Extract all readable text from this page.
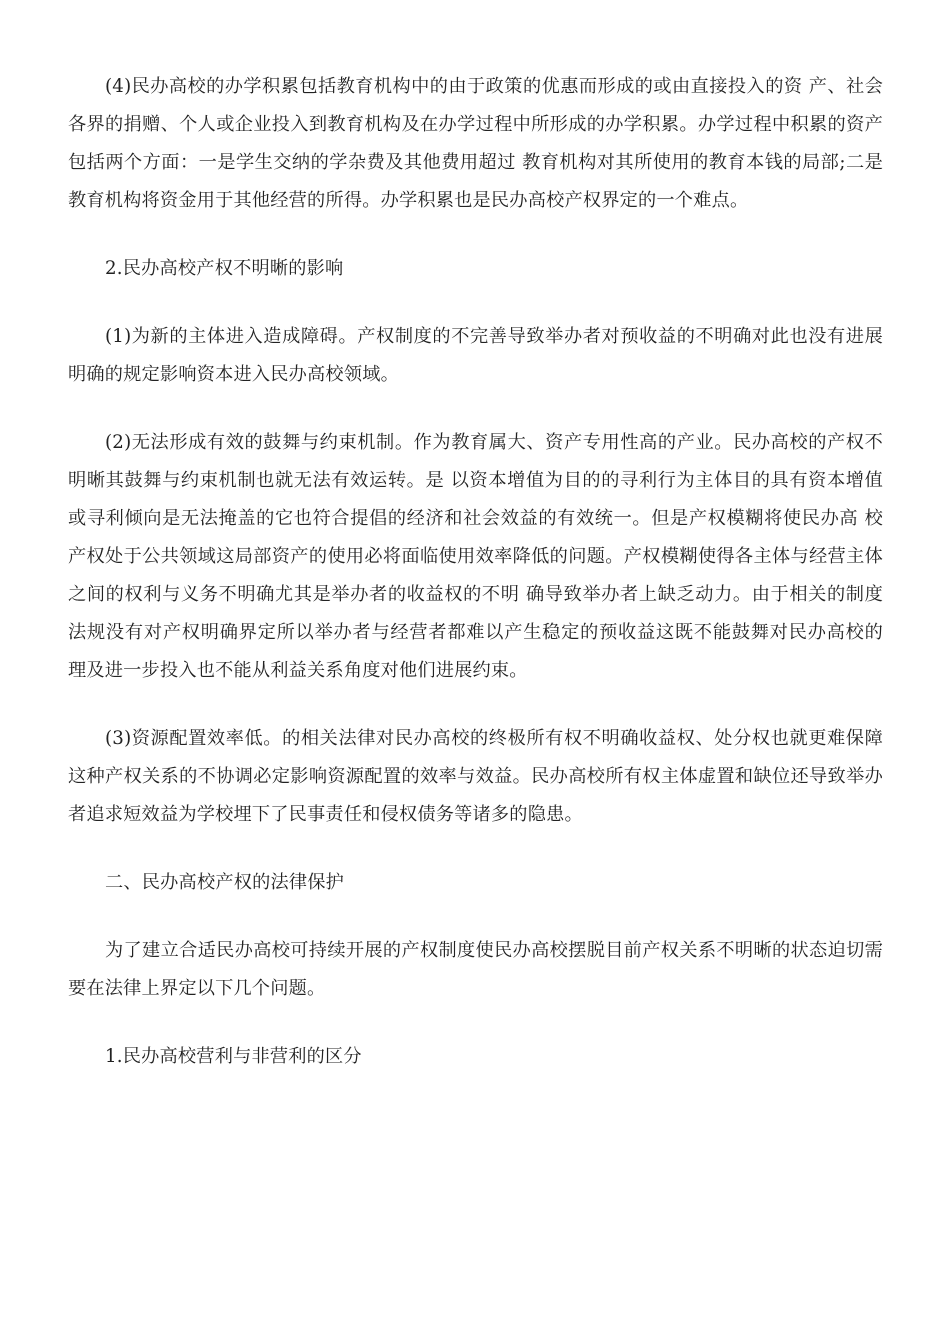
(4)民办高校的办学积累包括教育机构中的由于政策的优惠而形成的或由直接投入的资 产、社会各界的捐赠、个人或企业投入到教育机构及在办学过程中所形成的办学积累。办学过程中积累的资产包括两个方面：一是学生交纳的学杂费及其他费用超过 教育机构对其所使用的教育本钱的局部;二是教育机构将资金用于其他经营的所得。办学积累也是民办高校产权界定的一个难点。

2.民办高校产权不明晰的影响

(1)为新的主体进入造成障碍。产权制度的不完善导致举办者对预收益的不明确对此也没有进展明确的规定影响资本进入民办高校领域。

(2)无法形成有效的鼓舞与约束机制。作为教育属大、资产专用性高的产业。民办高校的产权不明晰其鼓舞与约束机制也就无法有效运转。是 以资本增值为目的的寻利行为主体目的具有资本增值或寻利倾向是无法掩盖的它也符合提倡的经济和社会效益的有效统一。但是产权模糊将使民办高 校产权处于公共领域这局部资产的使用必将面临使用效率降低的问题。产权模糊使得各主体与经营主体之间的权利与义务不明确尤其是举办者的收益权的不明 确导致举办者上缺乏动力。由于相关的制度法规没有对产权明确界定所以举办者与经营者都难以产生稳定的预收益这既不能鼓舞对民办高校的 理及进一步投入也不能从利益关系角度对他们进展约束。

(3)资源配置效率低。的相关法律对民办高校的终极所有权不明确收益权、处分权也就更难保障这种产权关系的不协调必定影响资源配置的效率与效益。民办高校所有权主体虚置和缺位还导致举办者追求短效益为学校埋下了民事责任和侵权债务等诸多的隐患。

二、民办高校产权的法律保护

为了建立合适民办高校可持续开展的产权制度使民办高校摆脱目前产权关系不明晰的状态迫切需要在法律上界定以下几个问题。

1.民办高校营利与非营利的区分
